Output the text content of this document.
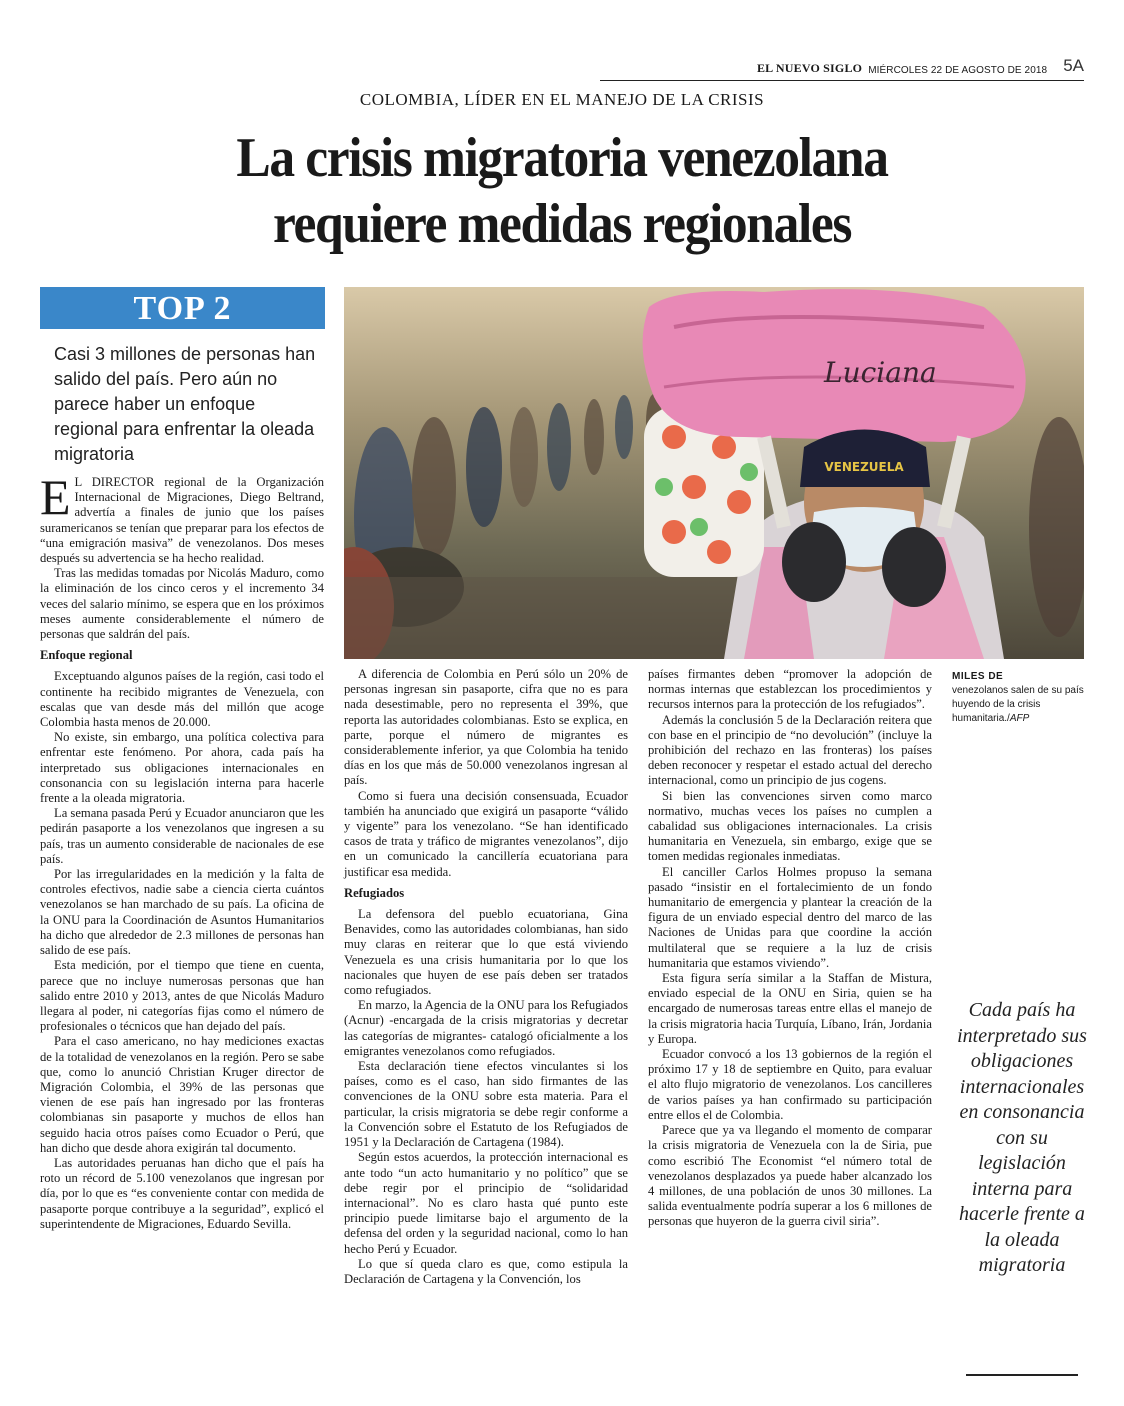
EL NUEVO SIGLO MIÉRCOLES 22 DE AGOSTO DE 2018 5A
COLOMBIA, LÍDER EN EL MANEJO DE LA CRISIS
La crisis migratoria venezolana
requiere medidas regionales
TOP 2
Casi 3 millones de personas han salido del país. Pero aún no parece haber un enfoque regional para enfrentar la oleada migratoria
Luciana
VENEZUELA
MILES DE
venezolanos salen de su país huyendo de la crisis humanitaria./AFP

E L DIRECTOR regional de la Organización Internacional de Migraciones, Diego Beltrand, advertía a finales de junio que los países suramericanos se tenían que preparar para los efectos de “una emigración masiva” de venezolanos. Dos meses después su advertencia se ha hecho realidad.

Tras las medidas tomadas por Nicolás Maduro, como la eliminación de los cinco ceros y el incremento 34 veces del salario mínimo, se espera que en los próximos meses aumente considerablemente el número de personas que saldrán del país.

Enfoque regional

Exceptuando algunos países de la región, casi todo el continente ha recibido migrantes de Venezuela, con escalas que van desde más del millón que acoge Colombia hasta menos de 20.000.

No existe, sin embargo, una política colectiva para enfrentar este fenómeno. Por ahora, cada país ha interpretado sus obligaciones internacionales en consonancia con su legislación interna para hacerle frente a la oleada migratoria.

La semana pasada Perú y Ecuador anunciaron que les pedirán pasaporte a los venezolanos que ingresen a su país, tras un aumento considerable de nacionales de ese país.

Por las irregularidades en la medición y la falta de controles efectivos, nadie sabe a ciencia cierta cuántos venezolanos se han marchado de su país. La oficina de la ONU para la Coordinación de Asuntos Humanitarios ha dicho que alrededor de 2.3 millones de personas han salido de ese país.

Esta medición, por el tiempo que tiene en cuenta, parece que no incluye numerosas personas que han salido entre 2010 y 2013, antes de que Nicolás Maduro llegara al poder, ni categorías fijas como el número de profesionales o técnicos que han dejado del país.

Para el caso americano, no hay mediciones exactas de la totalidad de venezolanos en la región. Pero se sabe que, como lo anunció Christian Kruger director de Migración Colombia, el 39% de las personas que vienen de ese país han ingresado por las fronteras colombianas sin pasaporte y muchos de ellos han seguido hacia otros países como Ecuador o Perú, que han dicho que desde ahora exigirán tal documento.

Las autoridades peruanas han dicho que el país ha roto un récord de 5.100 venezolanos que ingresan por día, por lo que es “es conveniente contar con medida de pasaporte porque contribuye a la seguridad”, explicó el superintendente de Migraciones, Eduardo Sevilla.

A diferencia de Colombia en Perú sólo un 20% de personas ingresan sin pasaporte, cifra que no es para nada desestimable, pero no representa el 39%, que reporta las autoridades colombianas. Esto se explica, en parte, porque el número de migrantes es considerablemente inferior, ya que Colombia ha tenido días en los que más de 50.000 venezolanos ingresan al país.

Como si fuera una decisión consensuada, Ecuador también ha anunciado que exigirá un pasaporte “válido y vigente” para los venezolano. “Se han identificado casos de trata y tráfico de migrantes venezolanos”, dijo en un comunicado la cancillería ecuatoriana para justificar esa medida.

Refugiados

La defensora del pueblo ecuatoriana, Gina Benavides, como las autoridades colombianas, han sido muy claras en reiterar que lo que está viviendo Venezuela es una crisis humanitaria por lo que los nacionales que huyen de ese país deben ser tratados como refugiados.

En marzo, la Agencia de la ONU para los Refugiados (Acnur) -encargada de la crisis migratorias y decretar las categorías de migrantes- catalogó oficialmente a los emigrantes venezolanos como refugiados.

Esta declaración tiene efectos vinculantes si los países, como es el caso, han sido firmantes de las convenciones de la ONU sobre esta materia. Para el particular, la crisis migratoria se debe regir conforme a la Convención sobre el Estatuto de los Refugiados de 1951 y la Declaración de Cartagena (1984).

Según estos acuerdos, la protección internacional es ante todo “un acto humanitario y no político” que se debe regir por el principio de “solidaridad internacional”. No es claro hasta qué punto este principio puede limitarse bajo el argumento de la defensa del orden y la seguridad nacional, como lo han hecho Perú y Ecuador.

Lo que sí queda claro es que, como estipula la Declaración de Cartagena y la Convención, los

países firmantes deben “promover la adopción de normas internas que establezcan los procedimientos y recursos internos para la protección de los refugiados”.

Además la conclusión 5 de la Declaración reitera que con base en el principio de “no devolución” (incluye la prohibición del rechazo en las fronteras) los países deben reconocer y respetar el estado actual del derecho internacional, como un principio de jus cogens.

Si bien las convenciones sirven como marco normativo, muchas veces los países no cumplen a cabalidad sus obligaciones internacionales. La crisis humanitaria en Venezuela, sin embargo, exige que se tomen medidas regionales inmediatas.

El canciller Carlos Holmes propuso la semana pasado “insistir en el fortalecimiento de un fondo humanitario de emergencia y plantear la creación de la figura de un enviado especial dentro del marco de las Naciones de Unidas para que coordine la acción multilateral que se requiere a la luz de crisis humanitaria que estamos viviendo”.

Esta figura sería similar a la Staffan de Mistura, enviado especial de la ONU en Siria, quien se ha encargado de numerosas tareas entre ellas el manejo de la crisis migratoria hacia Turquía, Líbano, Irán, Jordania y Europa.

Ecuador convocó a los 13 gobiernos de la región el próximo 17 y 18 de septiembre en Quito, para evaluar el alto flujo migratorio de venezolanos. Los cancilleres de varios países ya han confirmado su participación entre ellos el de Colombia.

Parece que ya va llegando el momento de comparar la crisis migratoria de Venezuela con la de Siria, pue como escribió The Economist “el número total de venezolanos desplazados ya puede haber alcanzado los 4 millones, de una población de unos 30 millones. La salida eventualmente podría superar a los 6 millones de personas que huyeron de la guerra civil siria”.

Cada país ha interpretado sus obligaciones internacionales en consonancia con su legislación interna para hacerle frente a la oleada migratoria
